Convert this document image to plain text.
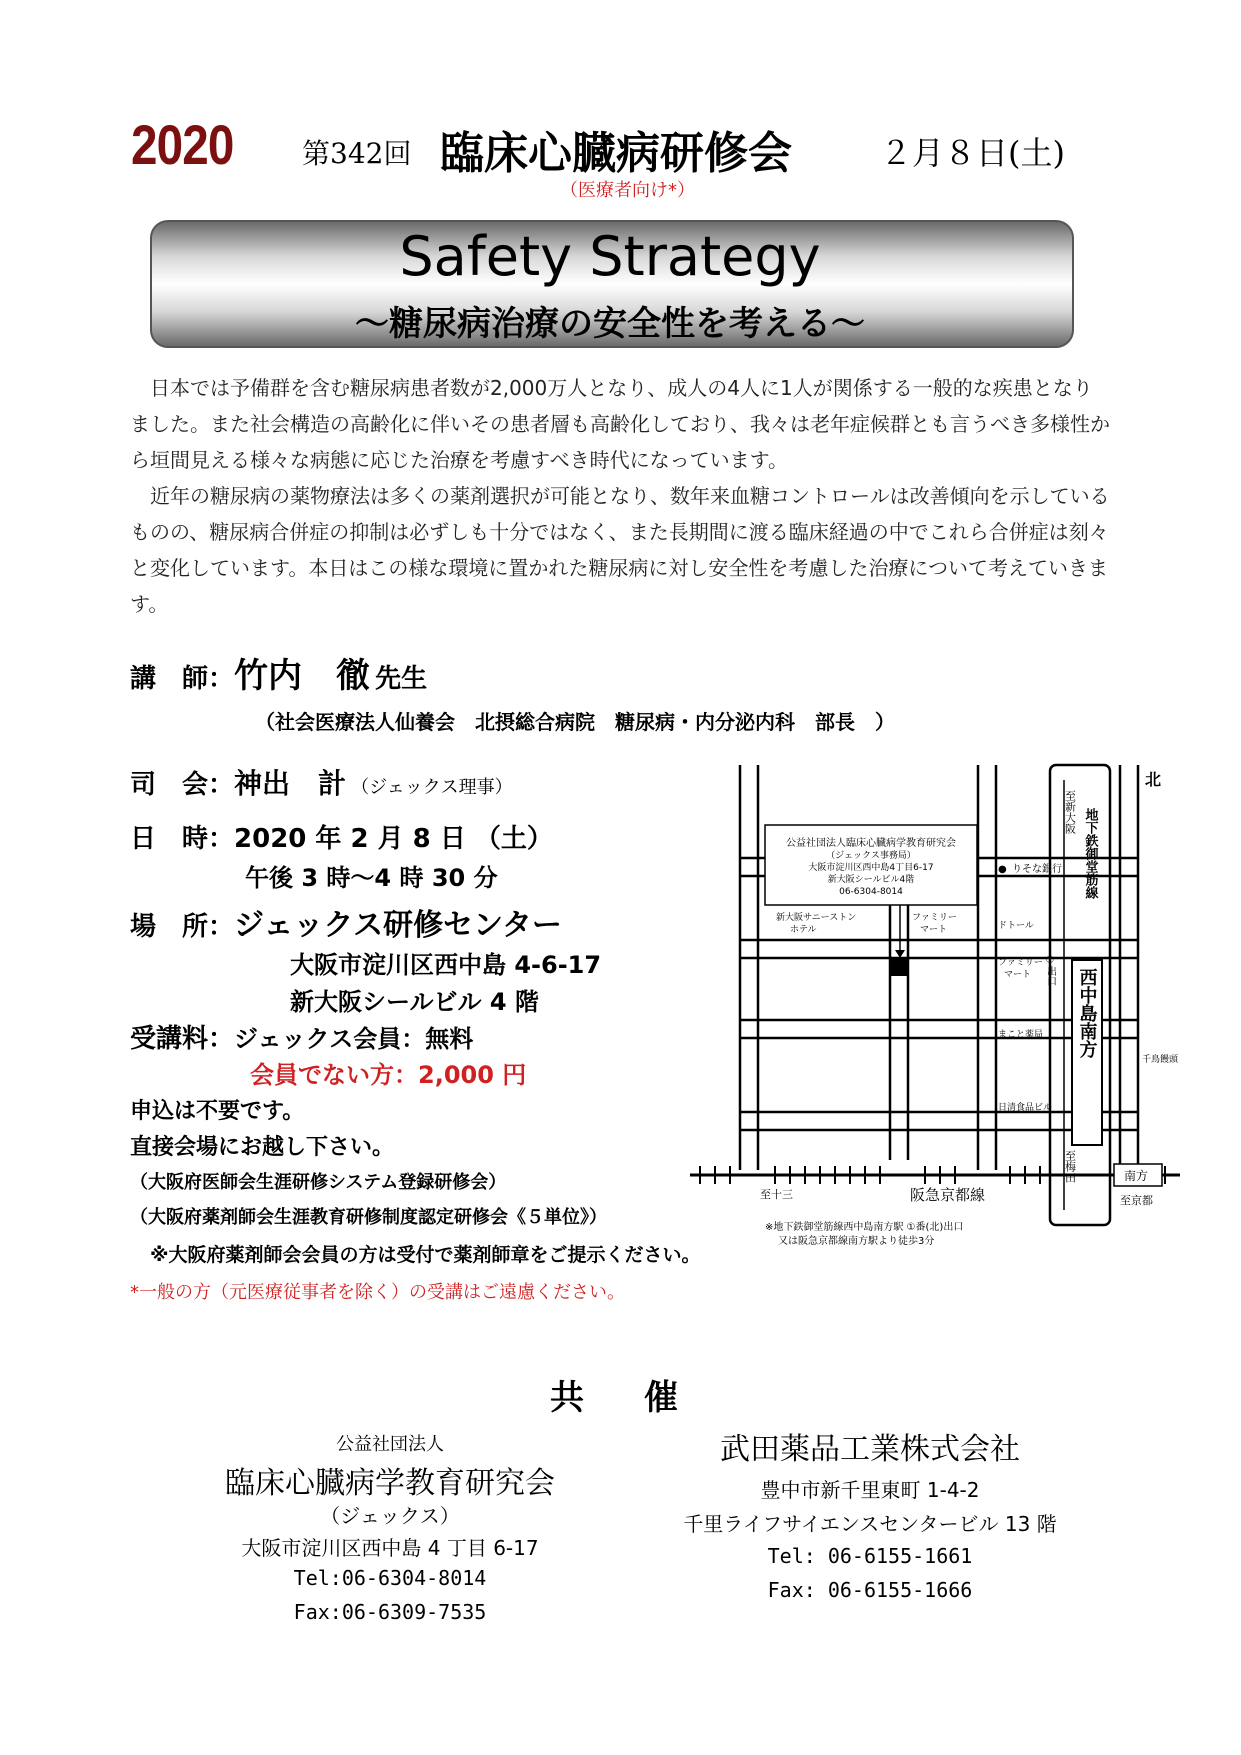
2020 第342回 臨床心臓病研修会	２月８日(土)
（医療者向け*）
Safety Strategy
～糖尿病治療の安全性を考える～
　日本では予備群を含む糖尿病患者数が2,000万人となり、成人の4人に1人が関係する一般的な疾患となりました。また社会構造の高齢化に伴いその患者層も高齢化しており、我々は老年症候群とも言うべき多様性から垣間見える様々な病態に応じた治療を考慮すべき時代になっています。
　近年の糖尿病の薬物療法は多くの薬剤選択が可能となり、数年来血糖コントロールは改善傾向を示しているものの、糖尿病合併症の抑制は必ずしも十分ではなく、また長期間に渡る臨床経過の中でこれら合併症は刻々と変化しています。本日はこの様な環境に置かれた糖尿病に対し安全性を考慮した治療について考えていきます。
講　師：竹内　徹 先生
（社会医療法人仙養会　北摂総合病院　糖尿病・内分泌内科　部長　）
司　会：神出　計 （ジェックス理事）
日　時：2020 年 2 月 8 日 （土）
午後 3 時～4 時 30 分
場　所：ジェックス研修センター
大阪市淀川区西中島 4-6-17
新大阪シールビル 4 階
受講料：ジェックス会員：無料
会員でない方：2,000 円
申込は不要です。
直接会場にお越し下さい。
（大阪府医師会生涯研修システム登録研修会）
（大阪府薬剤師会生涯教育研修制度認定研修会《５単位》）
※大阪府薬剤師会会員の方は受付で薬剤師章をご提示ください。
*一般の方（元医療従事者を除く）の受講はご遠慮ください。
公益社団法人臨床心臓病学教育研究会
（ジェックス事務局）
大阪市淀川区西中島4丁目6-17
新大阪シールビル4階
06-6304-8014
北
至新大阪 地下鉄御堂筋線
りそな銀行
●
新大阪サニーストン
ホテル
ファミリー
マート	ドトール
ファミリー
マート ①出口 西中島南方
まこと薬局
千鳥饅頭
日清食品ビル
至梅田
至十三	阪急京都線
南方
至京都
※地下鉄御堂筋線西中島南方駅 ①番(北)出口
又は阪急京都線南方駅より徒歩3分
共催
公益社団法人
臨床心臓病学教育研究会
（ジェックス）
大阪市淀川区西中島 4 丁目 6-17
Tel:06-6304-8014
Fax:06-6309-7535
武田薬品工業株式会社
豊中市新千里東町 1-4-2
千里ライフサイエンスセンタービル 13 階
Tel: 06-6155-1661
Fax: 06-6155-1666
